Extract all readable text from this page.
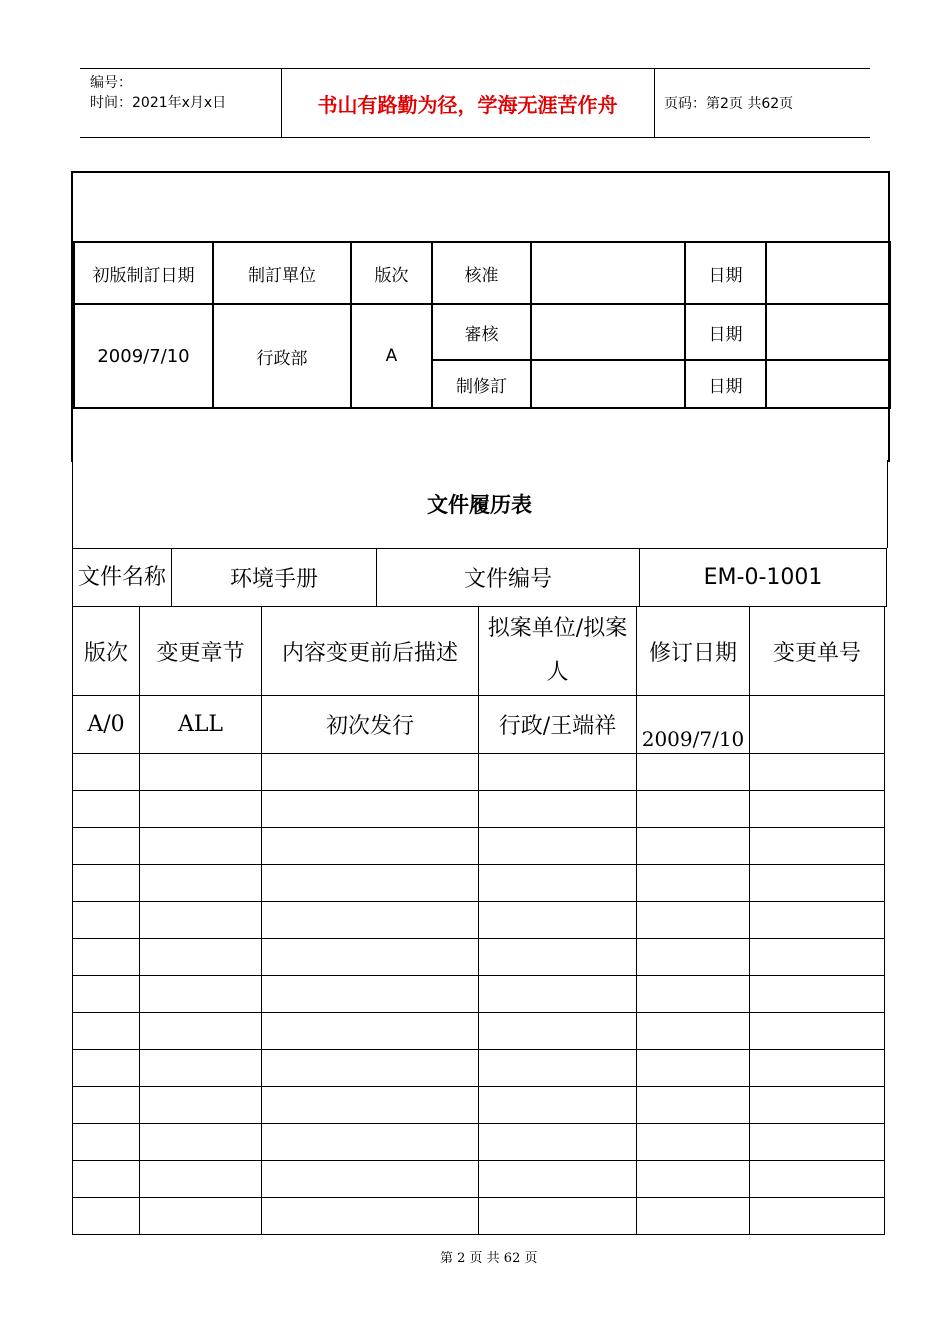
编号：
时间：2021年x月x日	书山有路勤为径，学海无涯苦作舟	页码：第2页 共62页
初版制訂日期	制訂單位	版次	核准		日期	
2009/7/10	行政部	A	審核		日期	
			制修訂		日期	
文件履历表
文件名称	环境手册	文件编号	EM-0-1001
版次	变更章节	内容变更前后描述	拟案单位/拟案人	修订日期	变更单号
A/0	ALL	初次发行	行政/王端祥	2009/7/10	

第 2 页 共 62 页
